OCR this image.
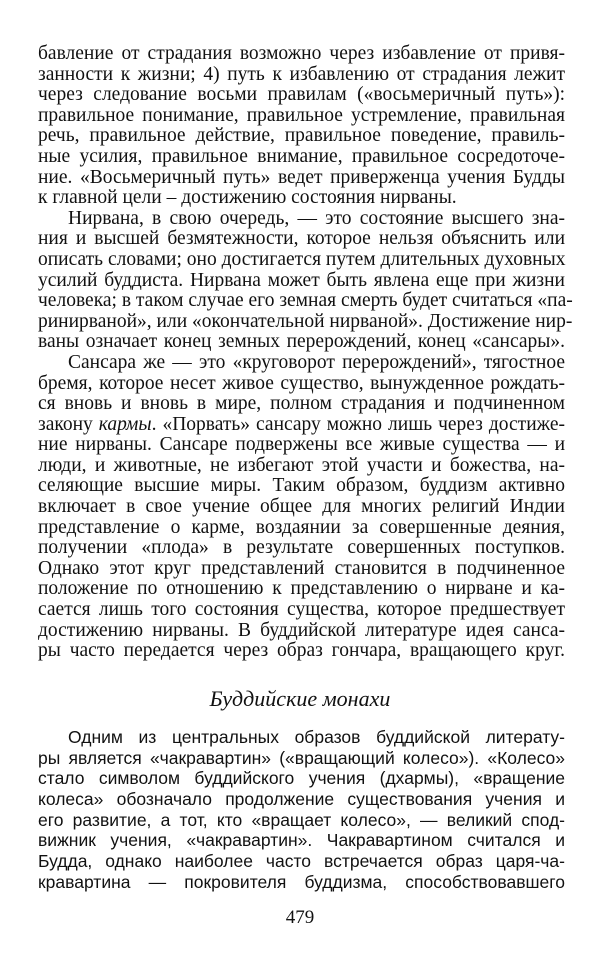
бавление от страдания возможно через избавление от привя-
занности к жизни; 4) путь к избавлению от страдания лежит
через следование восьми правилам («восьмеричный путь»):
правильное понимание, правильное устремление, правильная
речь, правильное действие, правильное поведение, правиль-
ные усилия, правильное внимание, правильное сосредоточе-
ние. «Восьмеричный путь» ведет приверженца учения Будды
к главной цели – достижению состояния нирваны.
Нирвана, в свою очередь, — это состояние высшего зна-
ния и высшей безмятежности, которое нельзя объяснить или
описать словами; оно достигается путем длительных духовных
усилий буддиста. Нирвана может быть явлена еще при жизни
человека; в таком случае его земная смерть будет считаться «па-
ринирваной», или «окончательной нирваной». Достижение нир-
ваны означает конец земных перерождений, конец «сансары».
Сансара же — это «круговорот перерождений», тягостное
бремя, которое несет живое существо, вынужденное рождать-
ся вновь и вновь в мире, полном страдания и подчиненном
закону кармы. «Порвать» сансару можно лишь через достиже-
ние нирваны. Сансаре подвержены все живые существа — и
люди, и животные, не избегают этой участи и божества, на-
селяющие высшие миры. Таким образом, буддизм активно
включает в свое учение общее для многих религий Индии
представление о карме, воздаянии за совершенные деяния,
получении «плода» в результате совершенных поступков.
Однако этот круг представлений становится в подчиненное
положение по отношению к представлению о нирване и ка-
сается лишь того состояния существа, которое предшествует
достижению нирваны. В буддийской литературе идея санса-
ры часто передается через образ гончара, вращающего круг.
Буддийские монахи
Одним из центральных образов буддийской литерату-
ры является «чакравартин» («вращающий колесо»). «Колесо»
стало символом буддийского учения (дхармы), «вращение
колеса» обозначало продолжение существования учения и
его развитие, а тот, кто «вращает колесо», — великий спод-
вижник учения, «чакравартин». Чакравартином считался и
Будда, однако наиболее часто встречается образ царя-ча-
кравартина — покровителя буддизма, способствовавшего
479
